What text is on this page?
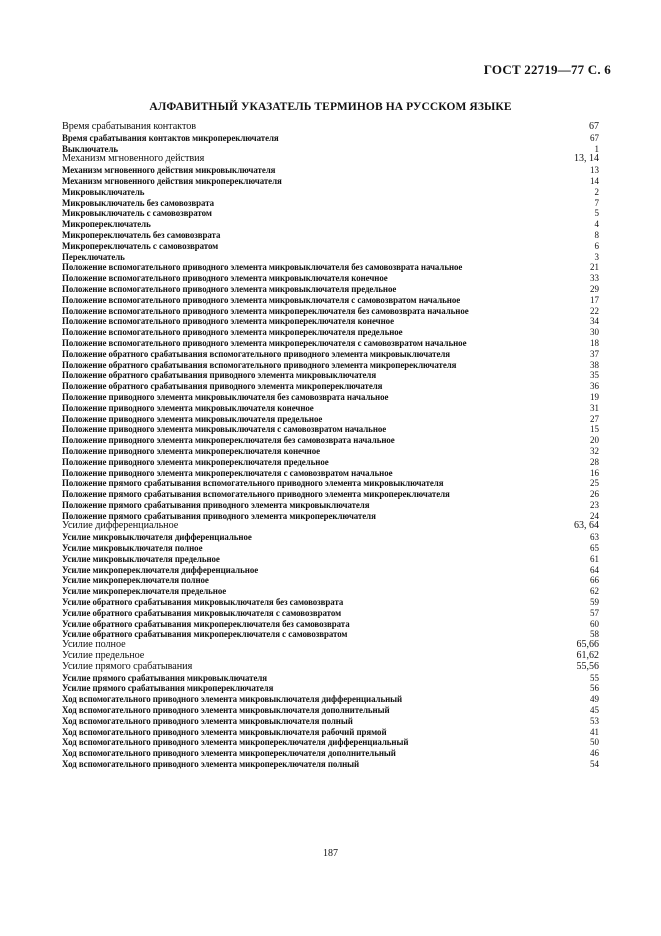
ГОСТ 22719—77 С. 6
АЛФАВИТНЫЙ УКАЗАТЕЛЬ ТЕРМИНОВ НА РУССКОМ ЯЗЫКЕ
Время срабатывания контактов	67
Время срабатывания контактов микропереключателя	67
Выключатель	1
Механизм мгновенного действия	13, 14
Механизм мгновенного действия микровыключателя	13
Механизм мгновенного действия микропереключателя	14
Микровыключатель	2
Микровыключатель без самовозврата	7
Микровыключатель с самовозвратом	5
Микропереключатель	4
Микропереключатель без самовозврата	8
Микропереключатель с самовозвратом	6
Переключатель	3
Положение вспомогательного приводного элемента микровыключателя без самовозврата начальное	21
Положение вспомогательного приводного элемента микровыключателя конечное	33
Положение вспомогательного приводного элемента микровыключателя предельное	29
Положение вспомогательного приводного элемента микровыключателя с самовозвратом начальное	17
Положение вспомогательного приводного элемента микропереключателя без самовозврата начальное	22
Положение вспомогательного приводного элемента микропереключателя конечное	34
Положение вспомогательного приводного элемента микропереключателя предельное	30
Положение вспомогательного приводного элемента микропереключателя с самовозвратом начальное	18
Положение обратного срабатывания вспомогательного приводного элемента микровыключателя	37
Положение обратного срабатывания вспомогательного приводного элемента микропереключателя	38
Положение обратного срабатывания приводного элемента микровыключателя	35
Положение обратного срабатывания приводного элемента микропереключателя	36
Положение приводного элемента микровыключателя без самовозврата начальное	19
Положение приводного элемента микровыключателя конечное	31
Положение приводного элемента микровыключателя предельное	27
Положение приводного элемента микровыключателя с самовозвратом начальное	15
Положение приводного элемента микропереключателя без самовозврата начальное	20
Положение приводного элемента микропереключателя конечное	32
Положение приводного элемента микропереключателя предельное	28
Положение приводного элемента микропереключателя с самовозвратом начальное	16
Положение прямого срабатывания вспомогательного приводного элемента микровыключателя	25
Положение прямого срабатывания вспомогательного приводного элемента микропереключателя	26
Положение прямого срабатывания приводного элемента микровыключателя	23
Положение прямого срабатывания приводного элемента микропереключателя	24
Усилие дифференциальное	63, 64
Усилие микровыключателя дифференциальное	63
Усилие микровыключателя полное	65
Усилие микровыключателя предельное	61
Усилие микропереключателя дифференциальное	64
Усилие микропереключателя полное	66
Усилие микропереключателя предельное	62
Усилие обратного срабатывания микровыключателя без самовозврата	59
Усилие обратного срабатывания микровыключателя с самовозвратом	57
Усилие обратного срабатывания микропереключателя без самовозврата	60
Усилие обратного срабатывания микропереключателя с самовозвратом	58
Усилие полное	65,66
Усилие предельное	61,62
Усилие прямого срабатывания	55,56
Усилие прямого срабатывания микровыключателя	55
Усилие прямого срабатывания микропереключателя	56
Ход вспомогательного приводного элемента микровыключателя дифференциальный	49
Ход вспомогательного приводного элемента микровыключателя дополнительный	45
Ход вспомогательного приводного элемента микровыключателя полный	53
Ход вспомогательного приводного элемента микровыключателя рабочий прямой	41
Ход вспомогательного приводного элемента микропереключателя дифференциальный	50
Ход вспомогательного приводного элемента микропереключателя дополнительный	46
Ход вспомогательного приводного элемента микропереключателя полный	54
187
